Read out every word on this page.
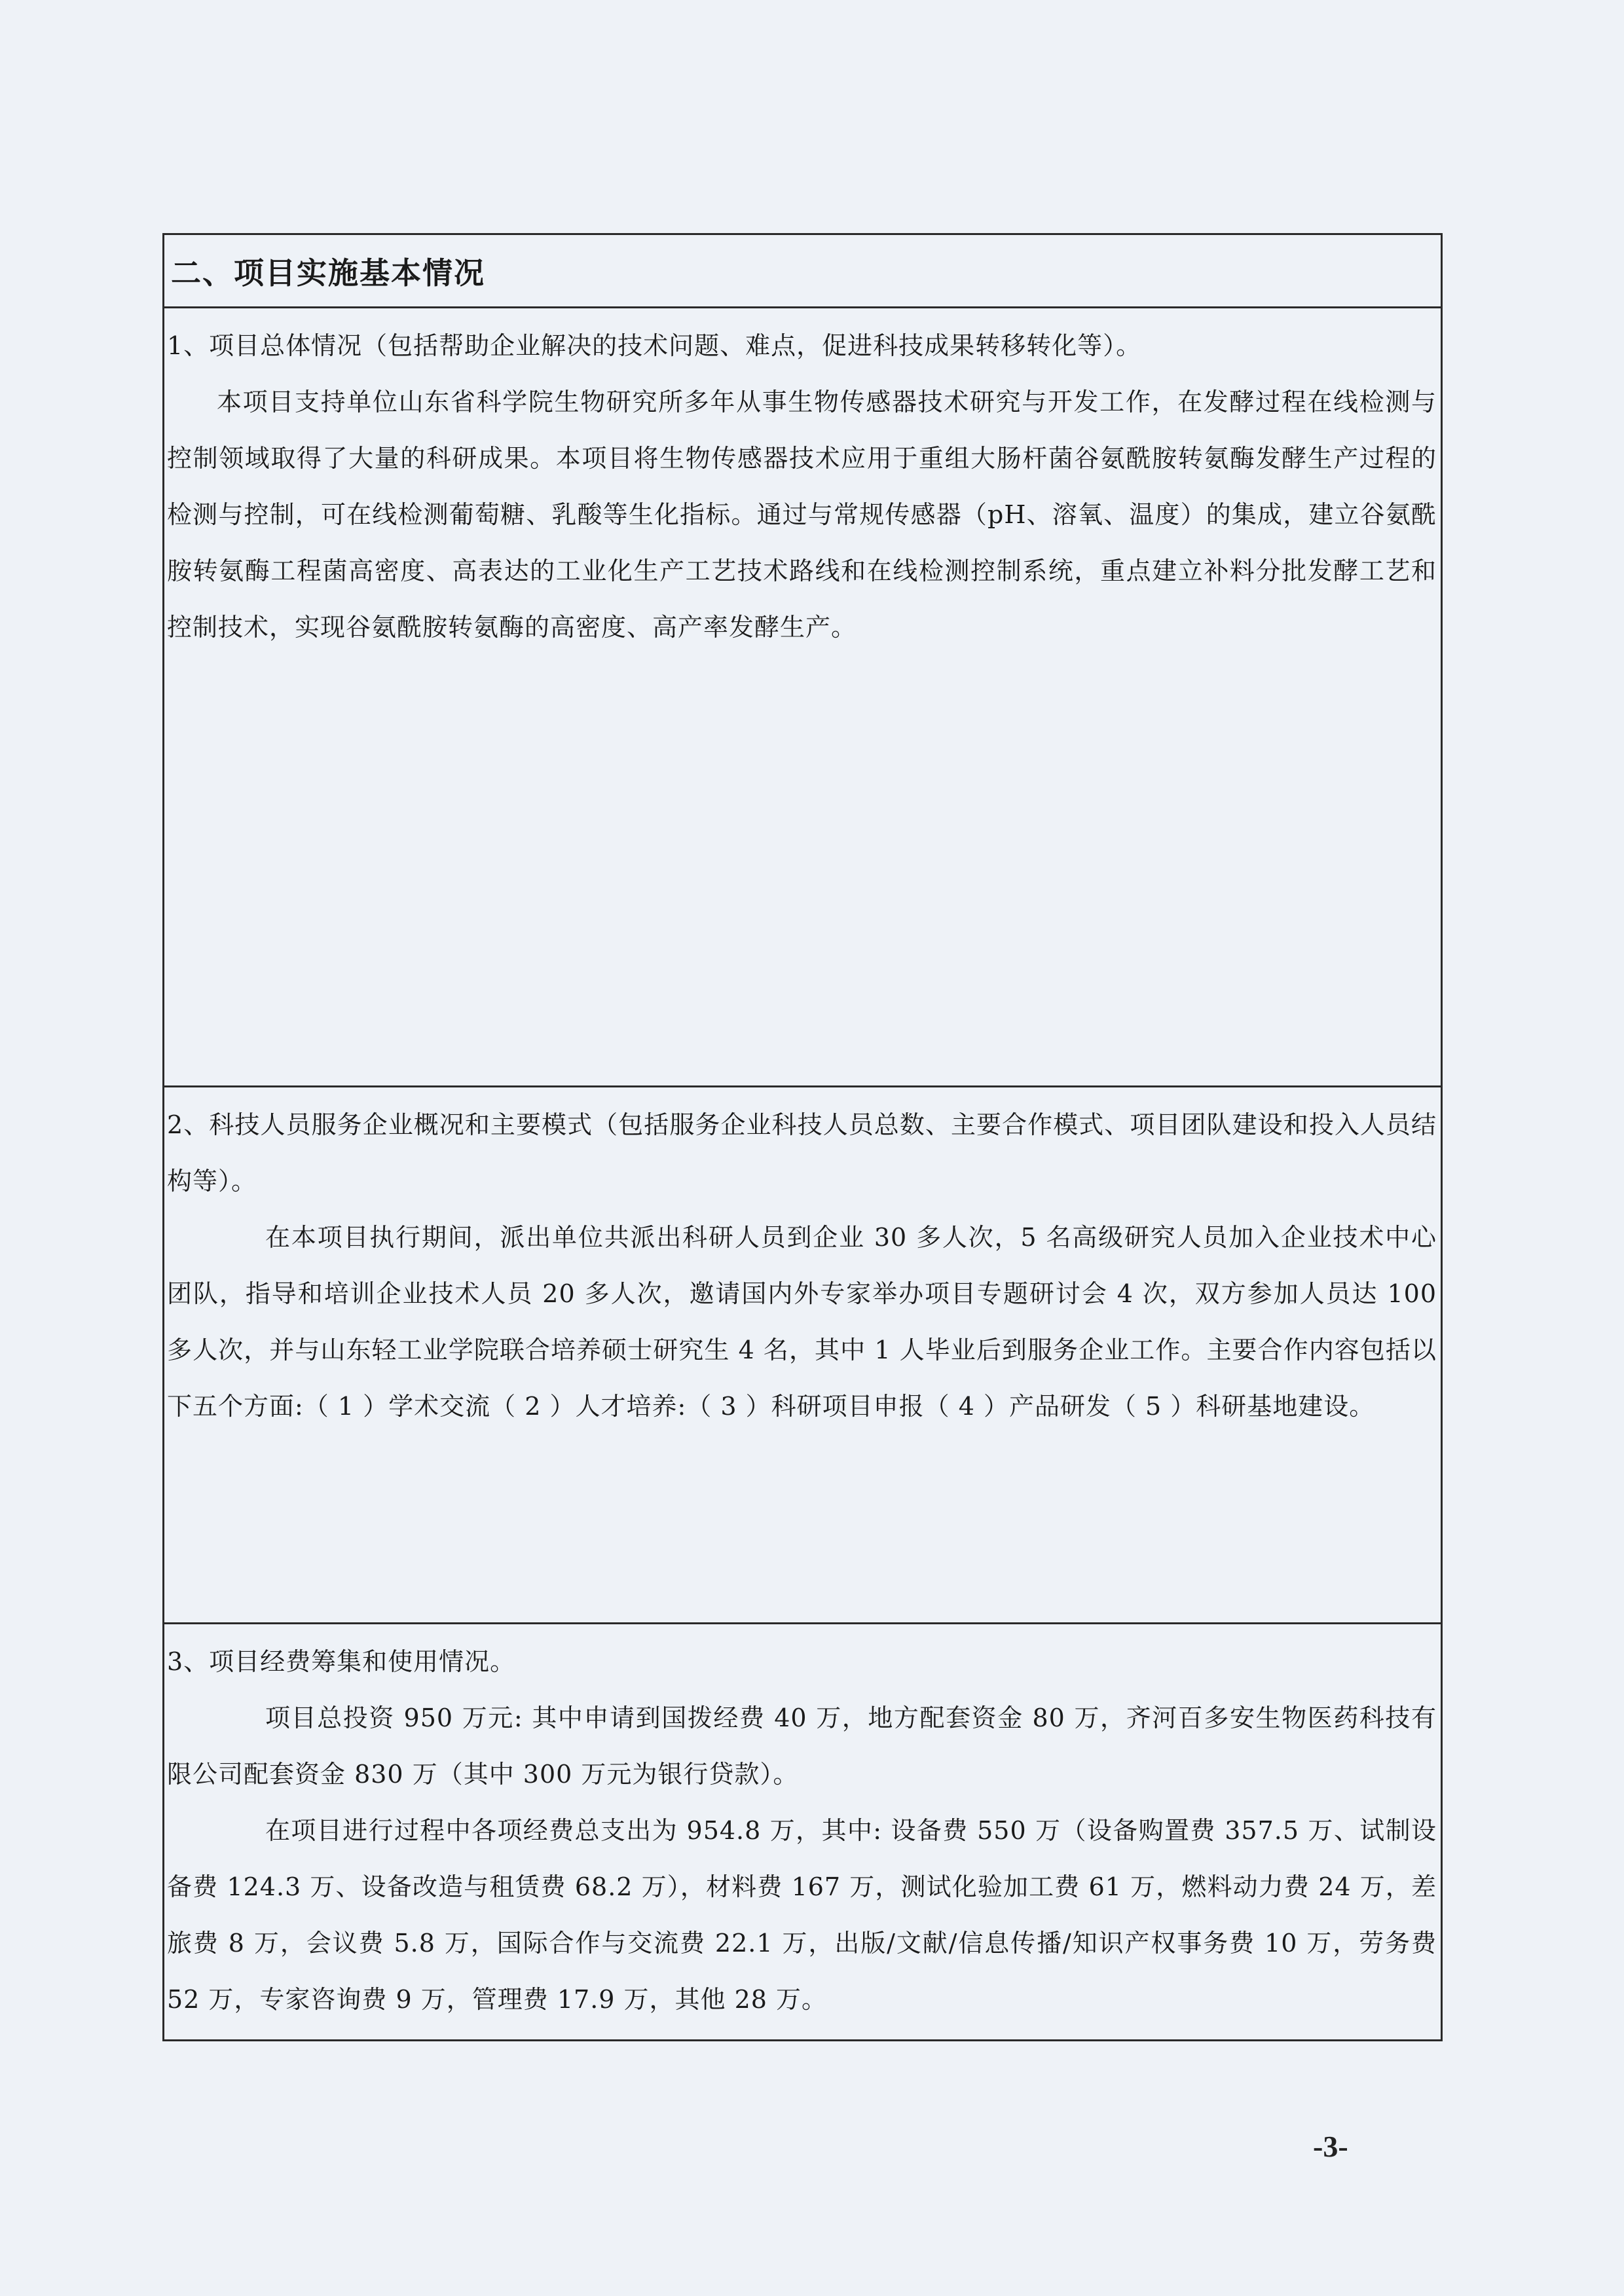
二、项目实施基本情况
1、项目总体情况（包括帮助企业解决的技术问题、难点，促进科技成果转移转化等）。

本项目支持单位山东省科学院生物研究所多年从事生物传感器技术研究与开发工作，在发酵过程在线检测与控制领域取得了大量的科研成果。本项目将生物传感器技术应用于重组大肠杆菌谷氨酰胺转氨酶发酵生产过程的检测与控制，可在线检测葡萄糖、乳酸等生化指标。通过与常规传感器（pH、溶氧、温度）的集成，建立谷氨酰胺转氨酶工程菌高密度、高表达的工业化生产工艺技术路线和在线检测控制系统，重点建立补料分批发酵工艺和控制技术，实现谷氨酰胺转氨酶的高密度、高产率发酵生产。

2、科技人员服务企业概况和主要模式（包括服务企业科技人员总数、主要合作模式、项目团队建设和投入人员结构等）。

在本项目执行期间，派出单位共派出科研人员到企业 30 多人次，5 名高级研究人员加入企业技术中心团队，指导和培训企业技术人员 20 多人次，邀请国内外专家举办项目专题研讨会 4 次，双方参加人员达 100 多人次，并与山东轻工业学院联合培养硕士研究生 4 名，其中 1 人毕业后到服务企业工作。主要合作内容包括以下五个方面:（ 1 ）学术交流（ 2 ）人才培养:（ 3 ）科研项目申报（ 4 ）产品研发（ 5 ）科研基地建设。

3、项目经费筹集和使用情况。

项目总投资 950 万元: 其中申请到国拨经费 40 万，地方配套资金 80 万，齐河百多安生物医药科技有限公司配套资金 830 万（其中 300 万元为银行贷款）。

在项目进行过程中各项经费总支出为 954.8 万，其中: 设备费 550 万（设备购置费 357.5 万、试制设备费 124.3 万、设备改造与租赁费 68.2 万），材料费 167 万，测试化验加工费 61 万，燃料动力费 24 万，差旅费 8 万，会议费 5.8 万，国际合作与交流费 22.1 万，出版/文献/信息传播/知识产权事务费 10 万，劳务费 52 万，专家咨询费 9 万，管理费 17.9 万，其他 28 万。

-3-
